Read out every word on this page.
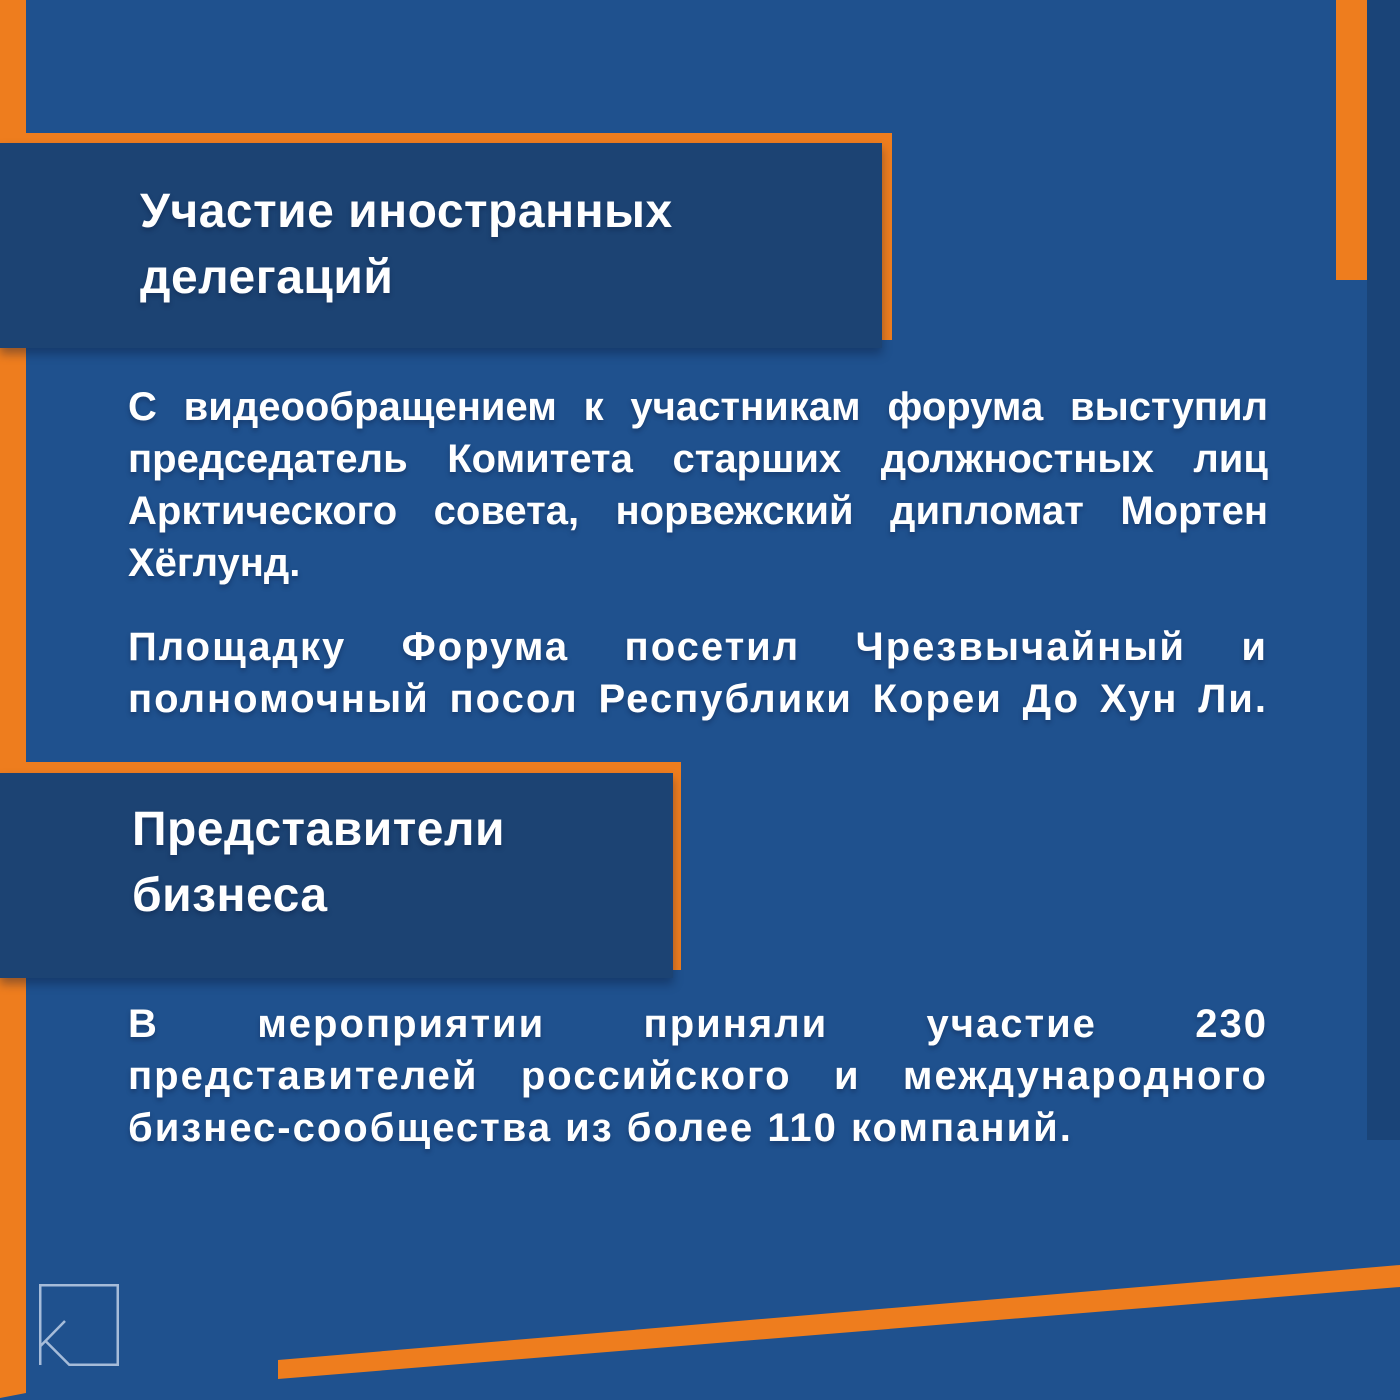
Участие иностранных делегаций

С видеообращением к участникам форума выступил председатель Комитета старших должностных лиц Арктического совета, норвежский дипломат Мортен Хёглунд.

Площадку Форума посетил Чрезвычайный и полномочный посол Республики Кореи До Хун Ли.

Представители бизнеса

В мероприятии приняли участие 230 представителей российского и международного бизнес-сообщества из более 110 компаний.
